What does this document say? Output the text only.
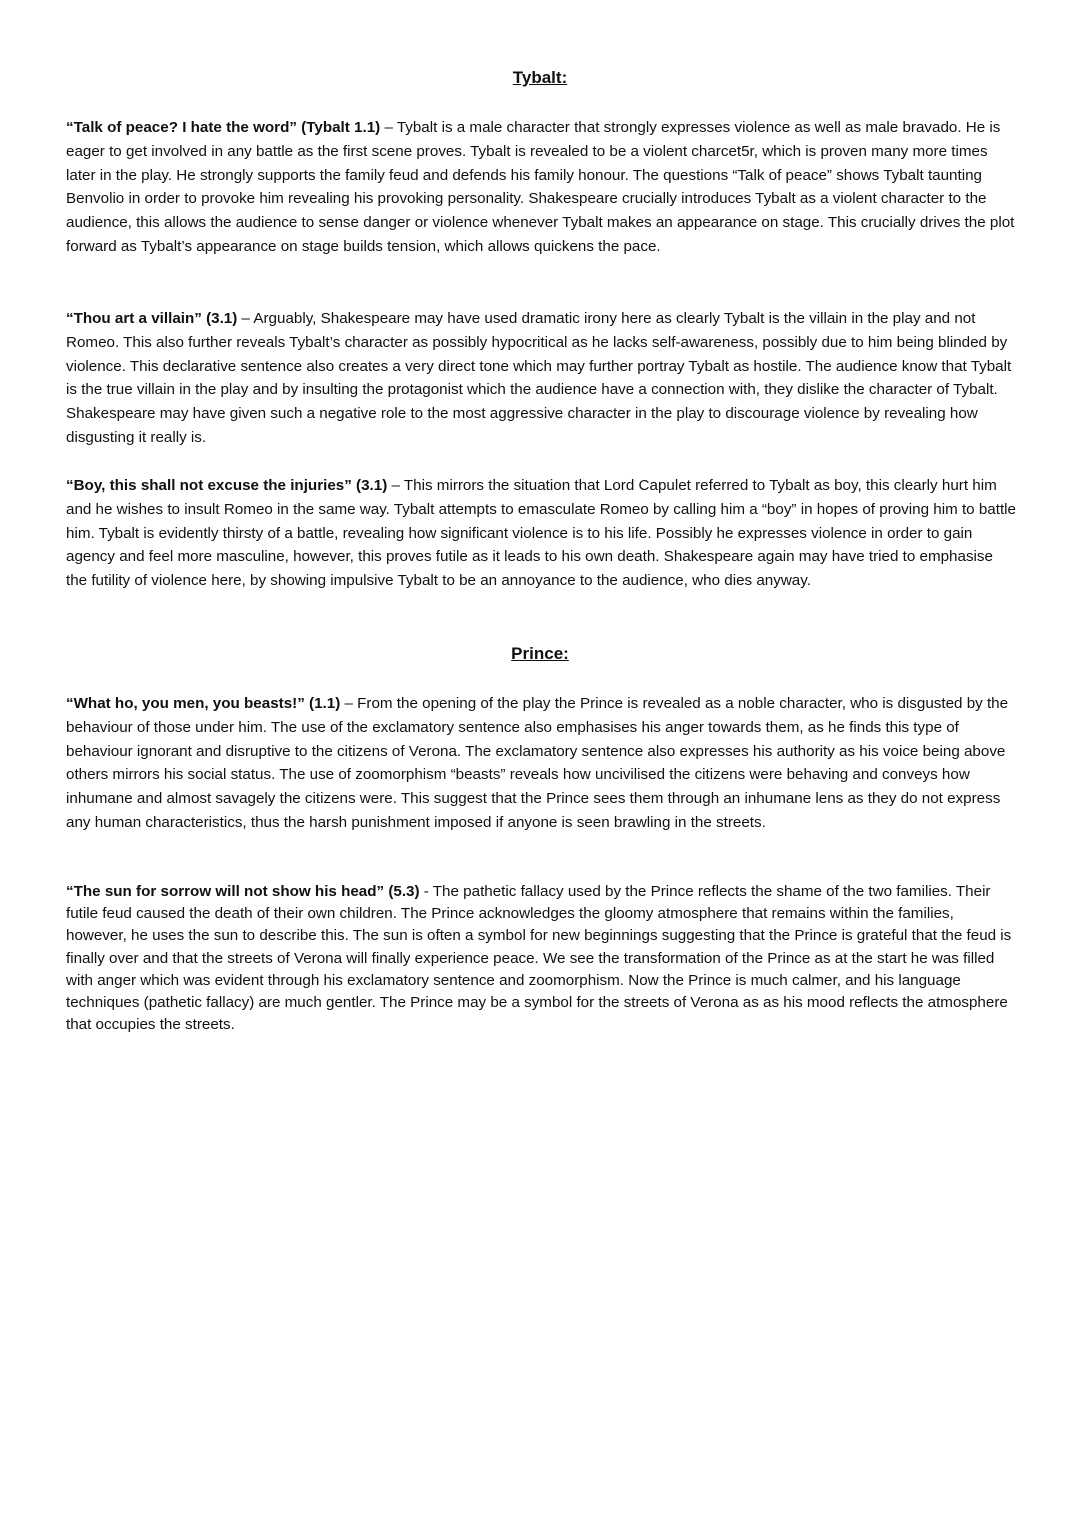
Tybalt:

“Talk of peace? I hate the word” (Tybalt 1.1) – Tybalt is a male character that strongly expresses violence as well as male bravado. He is eager to get involved in any battle as the first scene proves. Tybalt is revealed to be a violent charcet5r, which is proven many more times later in the play. He strongly supports the family feud and defends his family honour. The questions “Talk of peace” shows Tybalt taunting Benvolio in order to provoke him revealing his provoking personality. Shakespeare crucially introduces Tybalt as a violent character to the audience, this allows the audience to sense danger or violence whenever Tybalt makes an appearance on stage. This crucially drives the plot forward as Tybalt’s appearance on stage builds tension, which allows quickens the pace.

“Thou art a villain” (3.1) – Arguably, Shakespeare may have used dramatic irony here as clearly Tybalt is the villain in the play and not Romeo. This also further reveals Tybalt’s character as possibly hypocritical as he lacks self-awareness, possibly due to him being blinded by violence. This declarative sentence also creates a very direct tone which may further portray Tybalt as hostile. The audience know that Tybalt is the true villain in the play and by insulting the protagonist which the audience have a connection with, they dislike the character of Tybalt. Shakespeare may have given such a negative role to the most aggressive character in the play to discourage violence by revealing how disgusting it really is.

“Boy, this shall not excuse the injuries” (3.1) – This mirrors the situation that Lord Capulet referred to Tybalt as boy, this clearly hurt him and he wishes to insult Romeo in the same way. Tybalt attempts to emasculate Romeo by calling him a “boy” in hopes of proving him to battle him. Tybalt is evidently thirsty of a battle, revealing how significant violence is to his life. Possibly he expresses violence in order to gain agency and feel more masculine, however, this proves futile as it leads to his own death. Shakespeare again may have tried to emphasise the futility of violence here, by showing impulsive Tybalt to be an annoyance to the audience, who dies anyway.

Prince:

“What ho, you men, you beasts!” (1.1) – From the opening of the play the Prince is revealed as a noble character, who is disgusted by the behaviour of those under him. The use of the exclamatory sentence also emphasises his anger towards them, as he finds this type of behaviour ignorant and disruptive to the citizens of Verona. The exclamatory sentence also expresses his authority as his voice being above others mirrors his social status. The use of zoomorphism “beasts” reveals how uncivilised the citizens were behaving and conveys how inhumane and almost savagely the citizens were. This suggest that the Prince sees them through an inhumane lens as they do not express any human characteristics, thus the harsh punishment imposed if anyone is seen brawling in the streets.

“The sun for sorrow will not show his head” (5.3) - The pathetic fallacy used by the Prince reflects the shame of the two families. Their futile feud caused the death of their own children. The Prince acknowledges the gloomy atmosphere that remains within the families, however, he uses the sun to describe this. The sun is often a symbol for new beginnings suggesting that the Prince is grateful that the feud is finally over and that the streets of Verona will finally experience peace. We see the transformation of the Prince as at the start he was filled with anger which was evident through his exclamatory sentence and zoomorphism. Now the Prince is much calmer, and his language techniques (pathetic fallacy) are much gentler. The Prince may be a symbol for the streets of Verona as as his mood reflects the atmosphere that occupies the streets.
